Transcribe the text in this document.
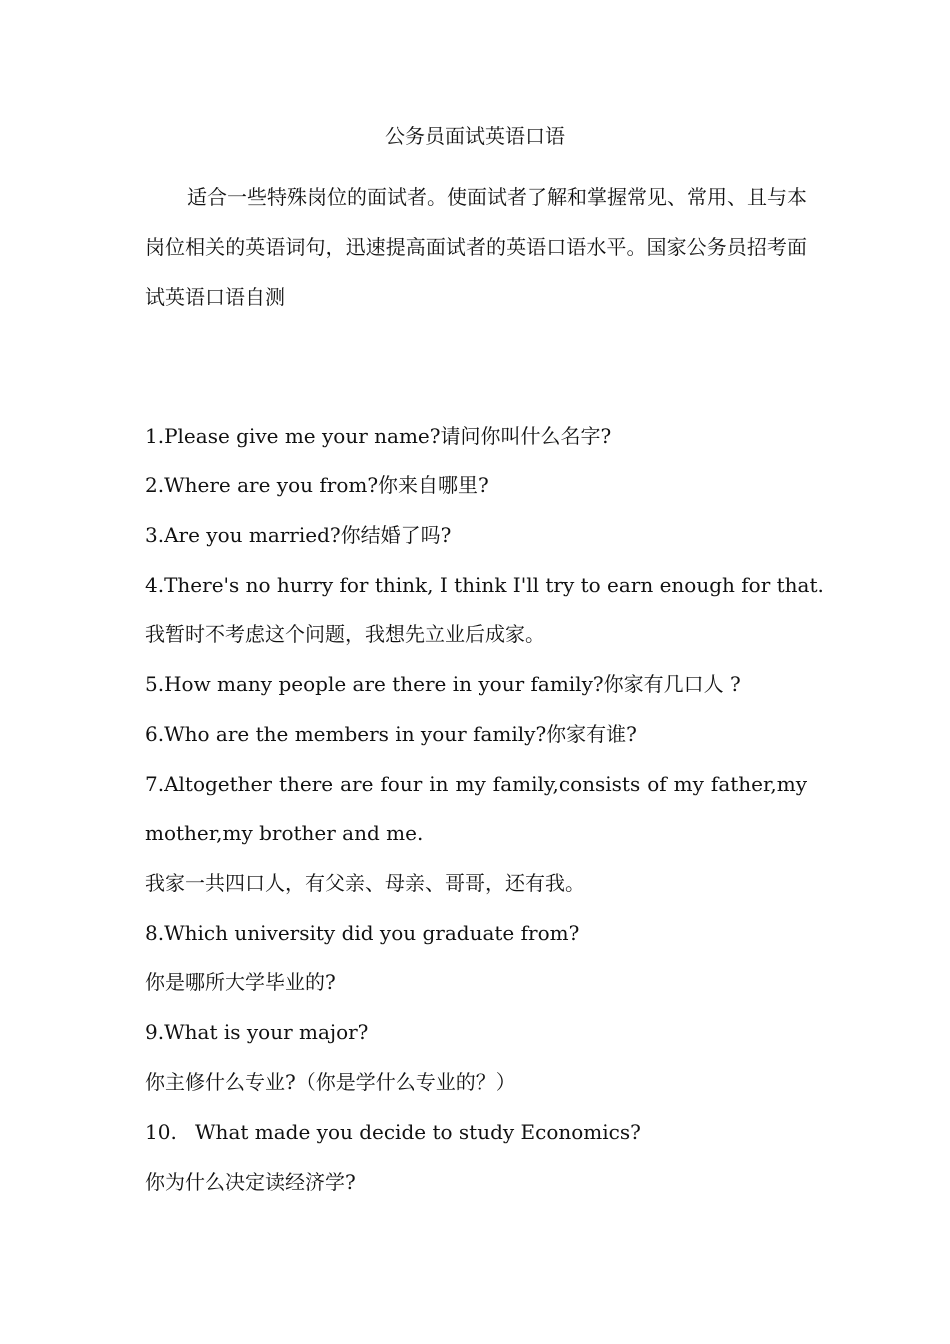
公务员面试英语口语

适合一些特殊岗位的面试者。使面试者了解和掌握常见、常用、且与本岗位相关的英语词句，迅速提高面试者的英语口语水平。国家公务员招考面试英语口语自测

1.Please give me your name?请问你叫什么名字?
2.Where are you from?你来自哪里?
3.Are you married?你结婚了吗?
4.There's no hurry for think, I think I'll try to earn enough for that.
我暂时不考虑这个问题，我想先立业后成家。
5.How many people are there in your family?你家有几口人 ?
6.Who are the members in your family?你家有谁?
7.Altogether there are four in my family,consists of my father,my
mother,my brother and me.
我家一共四口人，有父亲、母亲、哥哥，还有我。
8.Which university did you graduate from?
你是哪所大学毕业的?
9.What is your major?
你主修什么专业?（你是学什么专业的？）
10. What made you decide to study Economics?
你为什么决定读经济学?
